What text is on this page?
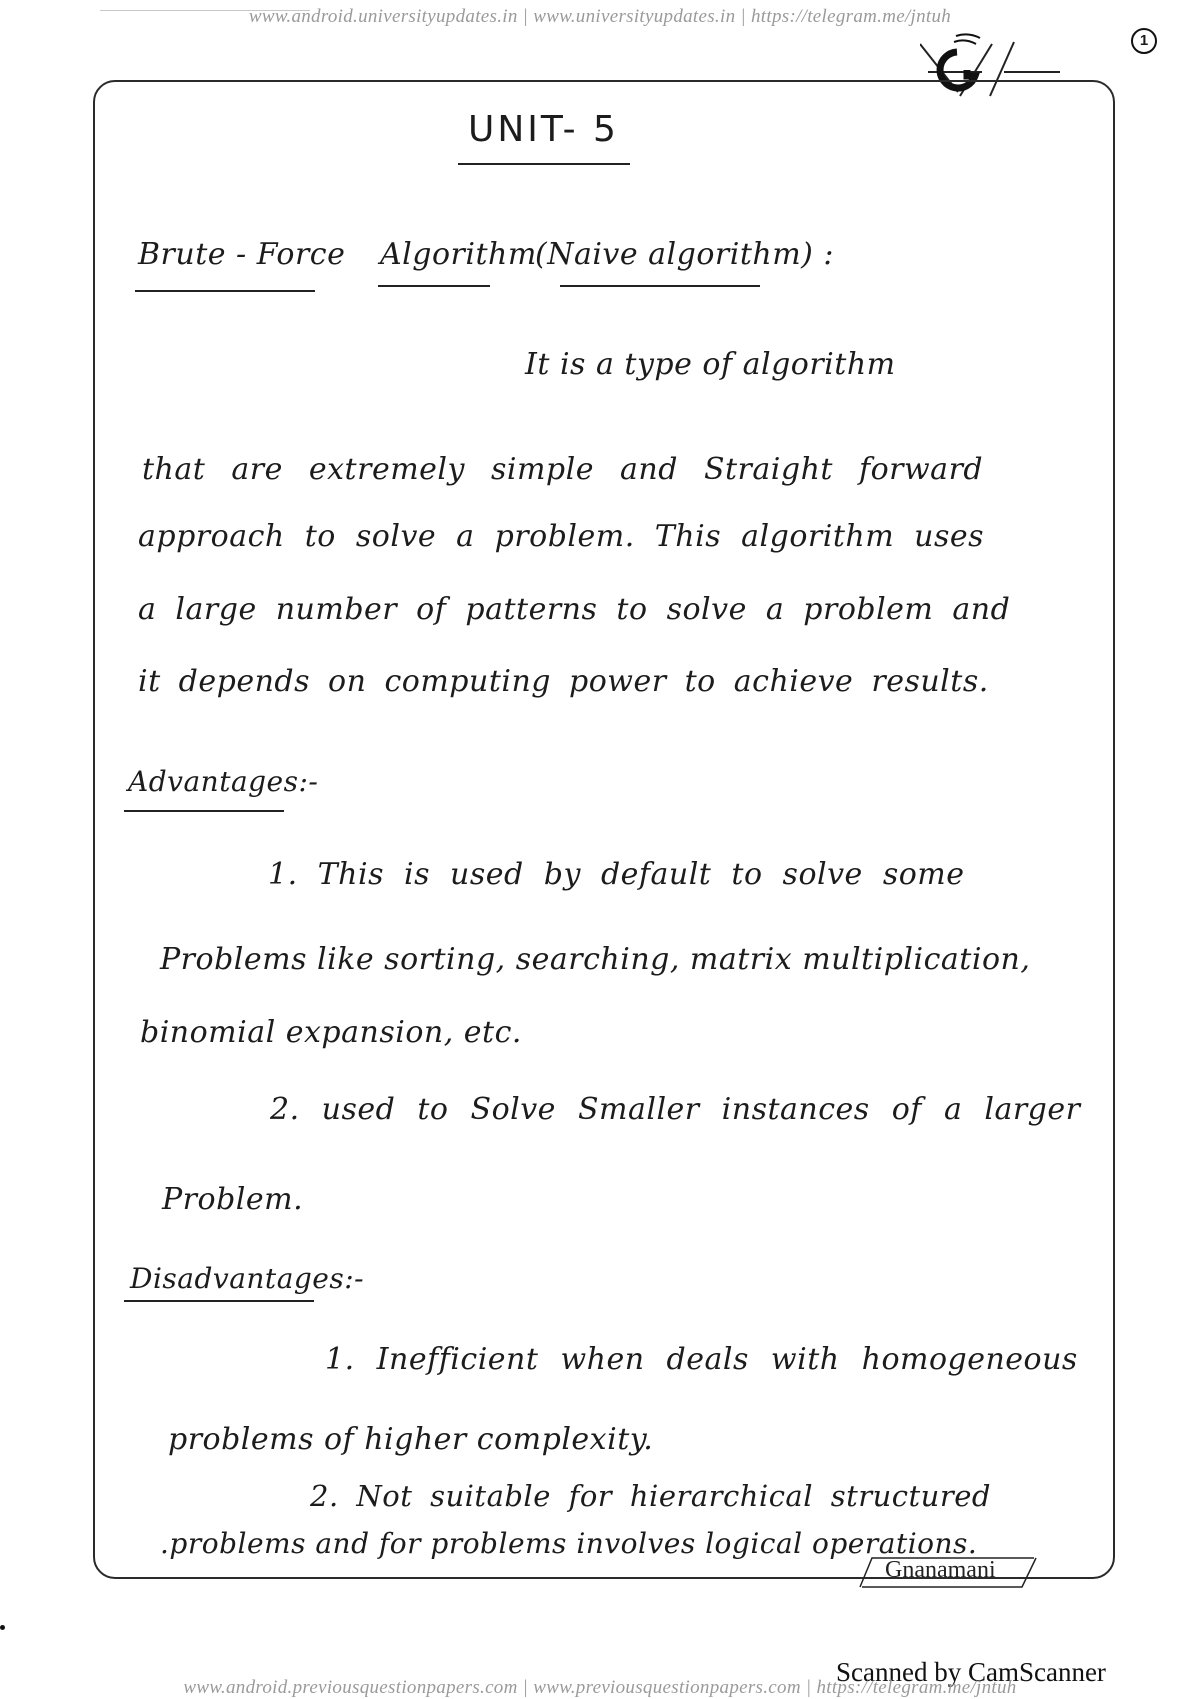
www.android.universityupdates.in | www.universityupdates.in | https://telegram.me/jntuh
1

UNIT- 5

Brute - Force Algorithm

(Naive algorithm) :

It is a type of algorithm

that are extremely simple and Straight forward

approach to solve a problem. This algorithm uses

a large number of patterns to solve a problem and

it depends on computing power to achieve results.

Advantages:-

1. This is used by default to solve some

Problems like sorting, searching, matrix multiplication,

binomial expansion, etc.

2. used to Solve Smaller instances of a larger

Problem.

Disadvantages:-

1. Inefficient when deals with homogeneous

problems of higher complexity.

2. Not suitable for hierarchical structured

.problems and for problems involves logical operations.

Gnanamani
Scanned by CamScanner
www.android.previousquestionpapers.com | www.previousquestionpapers.com | https://telegram.me/jntuh
